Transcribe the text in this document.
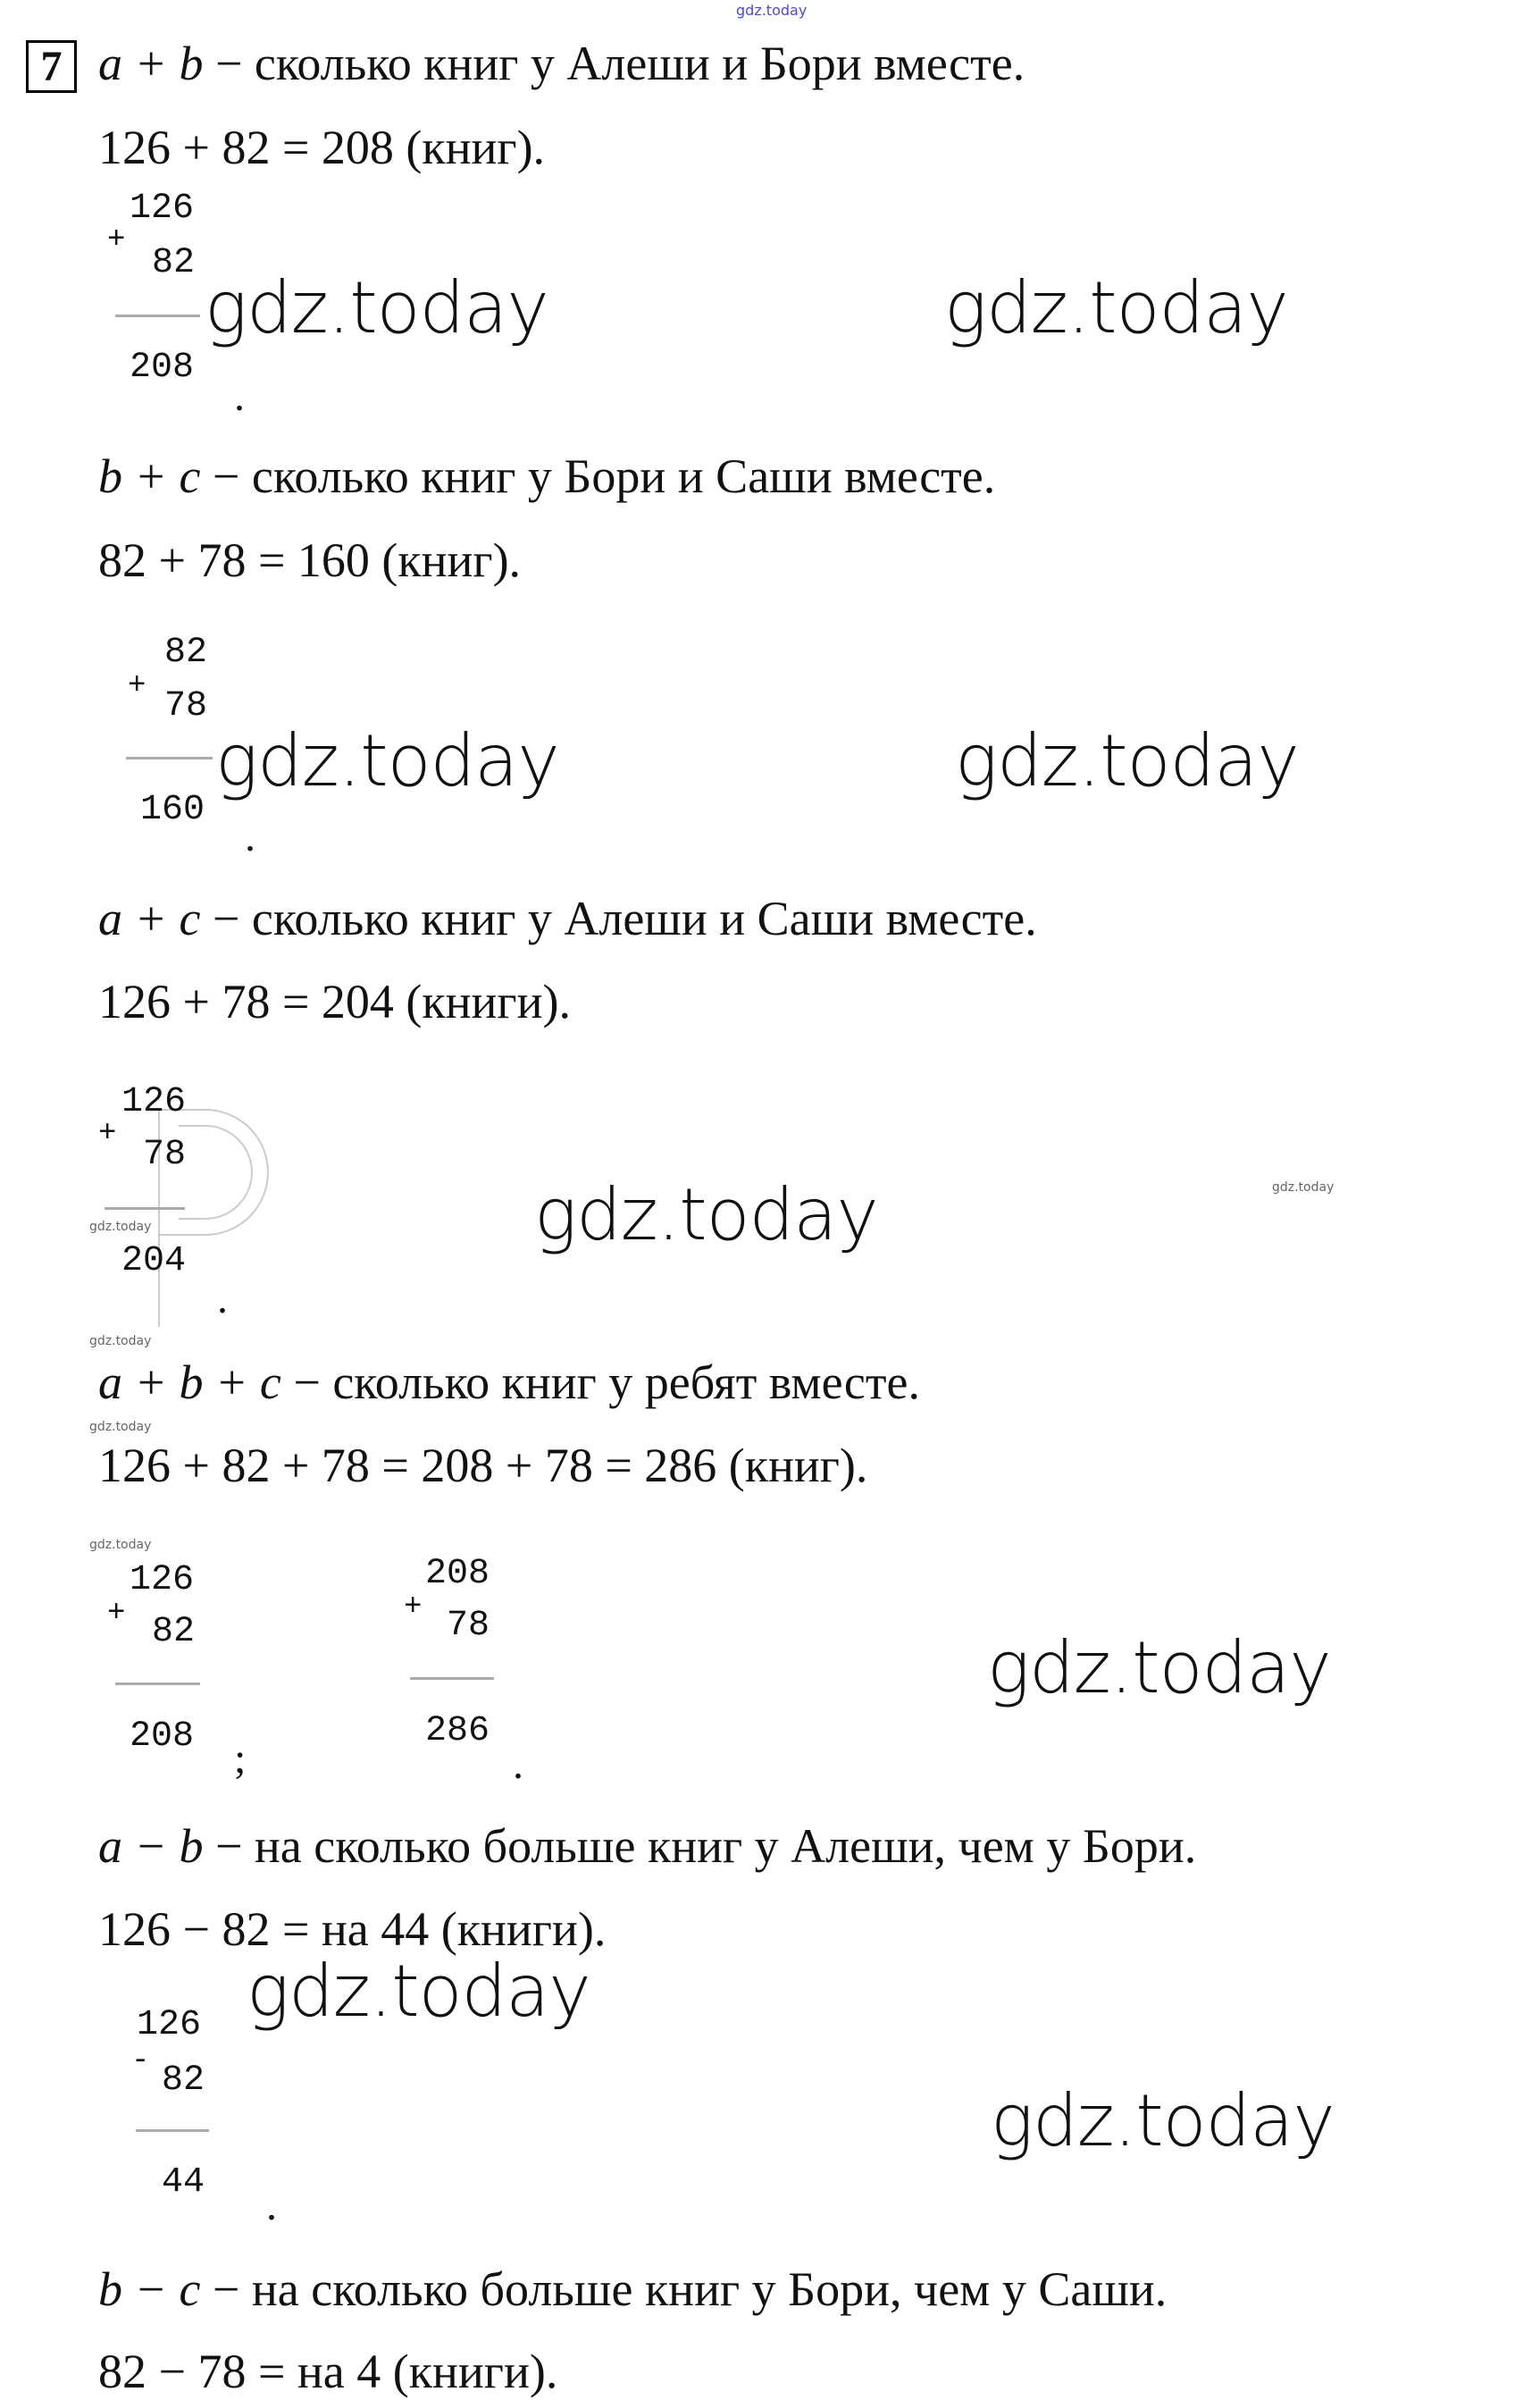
gdz.today
7 a + b − сколько книг у Алеши и Бори вместе.
126 + 82 = 208 (книг).
126
+
82
208
.
gdz.today	gdz.today
b + c − сколько книг у Бори и Саши вместе.
82 + 78 = 160 (книг).
82
+ 78
160
.
gdz.today	gdz.today
a + c − сколько книг у Алеши и Саши вместе.
126 + 78 = 204 (книги).
126
+
78
gdz.today
204
.
gdz.today	gdz.today
gdz.today
a + b + c − сколько книг у ребят вместе.
gdz.today
126 + 82 + 78 = 208 + 78 = 286 (книг).
gdz.today
126
+ 82
208 ;
208
+ 78
286
.
gdz.today
a − b − на сколько больше книг у Алеши, чем у Бори.
126 − 82 = на 44 (книги).
126
- 82
44 .
gdz.today
gdz.today
b − c − на сколько больше книг у Бори, чем у Саши.
82 − 78 = на 4 (книги).
